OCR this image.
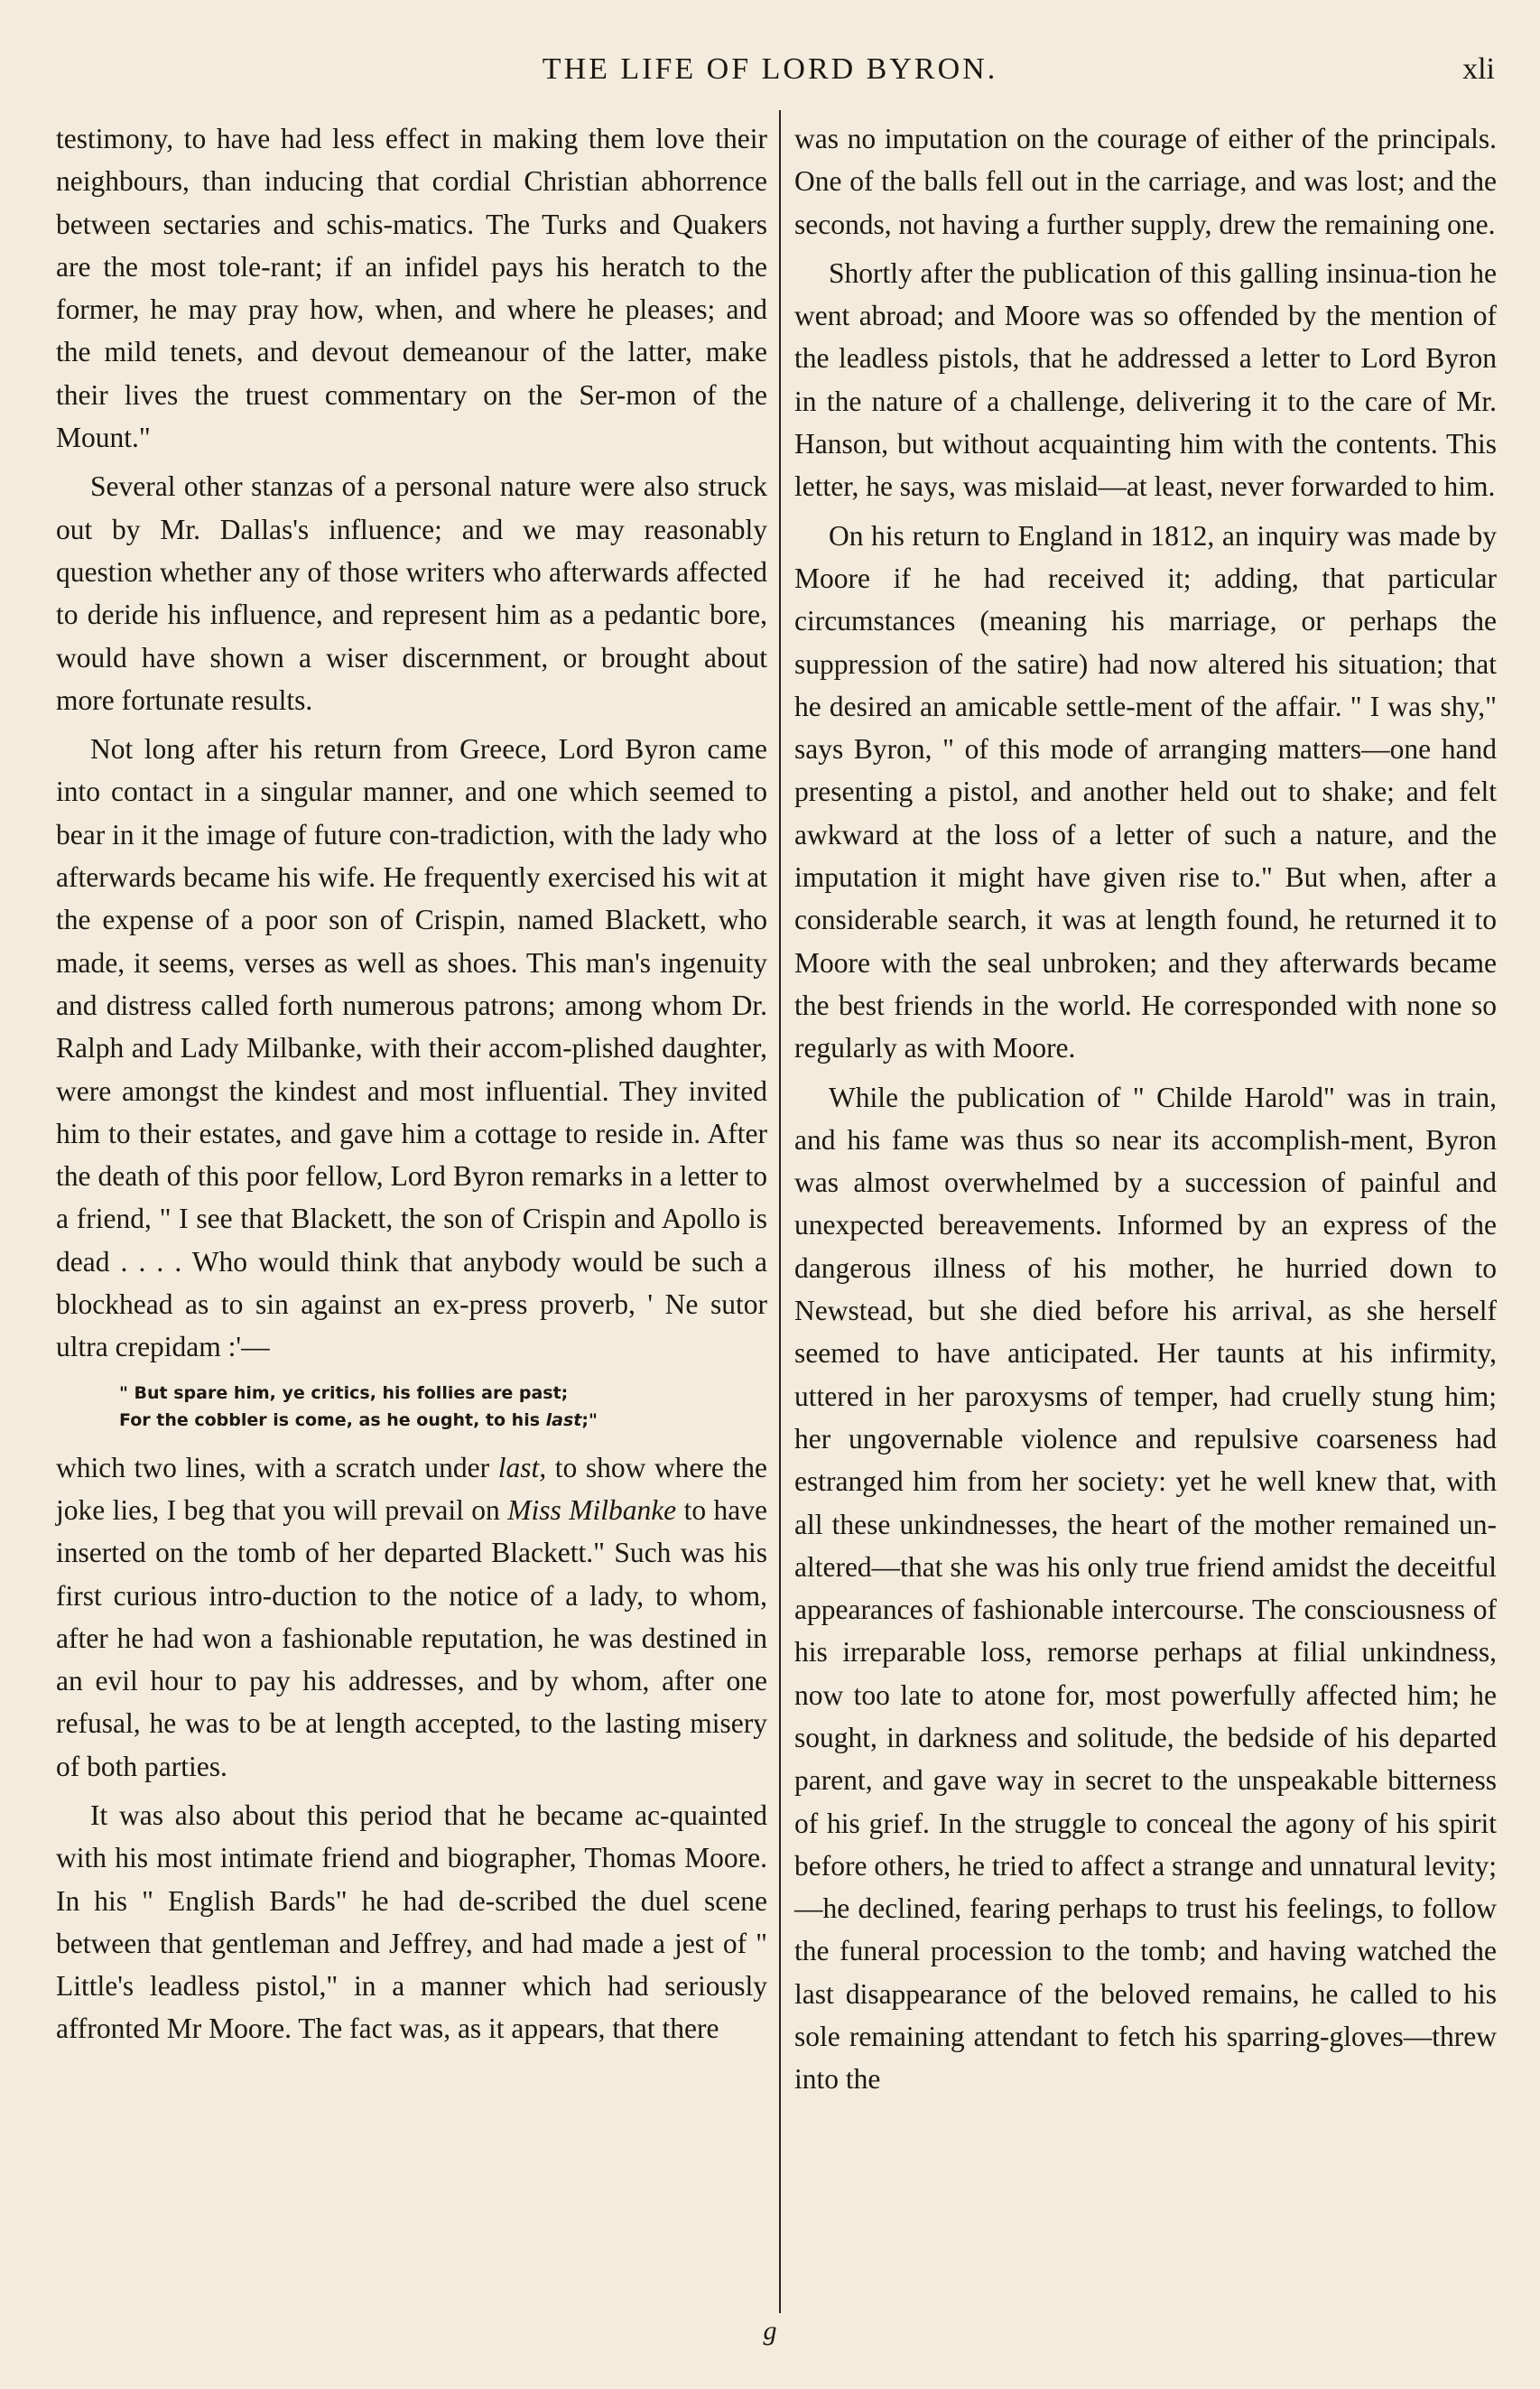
THE LIFE OF LORD BYRON.	xli

testimony, to have had less effect in making them love their neighbours, than inducing that cordial Christian abhorrence between sectaries and schis-matics. The Turks and Quakers are the most tole-rant; if an infidel pays his heratch to the former, he may pray how, when, and where he pleases; and the mild tenets, and devout demeanour of the latter, make their lives the truest commentary on the Ser-mon of the Mount."

Several other stanzas of a personal nature were also struck out by Mr. Dallas's influence; and we may reasonably question whether any of those writers who afterwards affected to deride his influence, and represent him as a pedantic bore, would have shown a wiser discernment, or brought about more fortunate results.

Not long after his return from Greece, Lord Byron came into contact in a singular manner, and one which seemed to bear in it the image of future con-tradiction, with the lady who afterwards became his wife. He frequently exercised his wit at the expense of a poor son of Crispin, named Blackett, who made, it seems, verses as well as shoes. This man's ingenuity and distress called forth numerous patrons; among whom Dr. Ralph and Lady Milbanke, with their accom-plished daughter, were amongst the kindest and most influential. They invited him to their estates, and gave him a cottage to reside in. After the death of this poor fellow, Lord Byron remarks in a letter to a friend, " I see that Blackett, the son of Crispin and Apollo is dead . . . . Who would think that anybody would be such a blockhead as to sin against an ex-press proverb, ' Ne sutor ultra crepidam :'—

" But spare him, ye critics, his follies are past;
For the cobbler is come, as he ought, to his last;"

which two lines, with a scratch under last, to show where the joke lies, I beg that you will prevail on Miss Milbanke to have inserted on the tomb of her departed Blackett." Such was his first curious intro-duction to the notice of a lady, to whom, after he had won a fashionable reputation, he was destined in an evil hour to pay his addresses, and by whom, after one refusal, he was to be at length accepted, to the lasting misery of both parties.

It was also about this period that he became ac-quainted with his most intimate friend and biographer, Thomas Moore. In his " English Bards" he had de-scribed the duel scene between that gentleman and Jeffrey, and had made a jest of " Little's leadless pistol," in a manner which had seriously affronted Mr Moore. The fact was, as it appears, that there

was no imputation on the courage of either of the principals. One of the balls fell out in the carriage, and was lost; and the seconds, not having a further supply, drew the remaining one.

Shortly after the publication of this galling insinua-tion he went abroad; and Moore was so offended by the mention of the leadless pistols, that he addressed a letter to Lord Byron in the nature of a challenge, delivering it to the care of Mr. Hanson, but without acquainting him with the contents. This letter, he says, was mislaid—at least, never forwarded to him.

On his return to England in 1812, an inquiry was made by Moore if he had received it; adding, that particular circumstances (meaning his marriage, or perhaps the suppression of the satire) had now altered his situation; that he desired an amicable settle-ment of the affair. " I was shy," says Byron, " of this mode of arranging matters—one hand presenting a pistol, and another held out to shake; and felt awkward at the loss of a letter of such a nature, and the imputation it might have given rise to." But when, after a considerable search, it was at length found, he returned it to Moore with the seal unbroken; and they afterwards became the best friends in the world. He corresponded with none so regularly as with Moore.

While the publication of " Childe Harold" was in train, and his fame was thus so near its accomplish-ment, Byron was almost overwhelmed by a succession of painful and unexpected bereavements. Informed by an express of the dangerous illness of his mother, he hurried down to Newstead, but she died before his arrival, as she herself seemed to have anticipated. Her taunts at his infirmity, uttered in her paroxysms of temper, had cruelly stung him; her ungovernable violence and repulsive coarseness had estranged him from her society: yet he well knew that, with all these unkindnesses, the heart of the mother remained un-altered—that she was his only true friend amidst the deceitful appearances of fashionable intercourse. The consciousness of his irreparable loss, remorse perhaps at filial unkindness, now too late to atone for, most powerfully affected him; he sought, in darkness and solitude, the bedside of his departed parent, and gave way in secret to the unspeakable bitterness of his grief. In the struggle to conceal the agony of his spirit before others, he tried to affect a strange and unnatural levity;—he declined, fearing perhaps to trust his feelings, to follow the funeral procession to the tomb; and having watched the last disappearance of the beloved remains, he called to his sole remaining attendant to fetch his sparring-gloves—threw into the

g
